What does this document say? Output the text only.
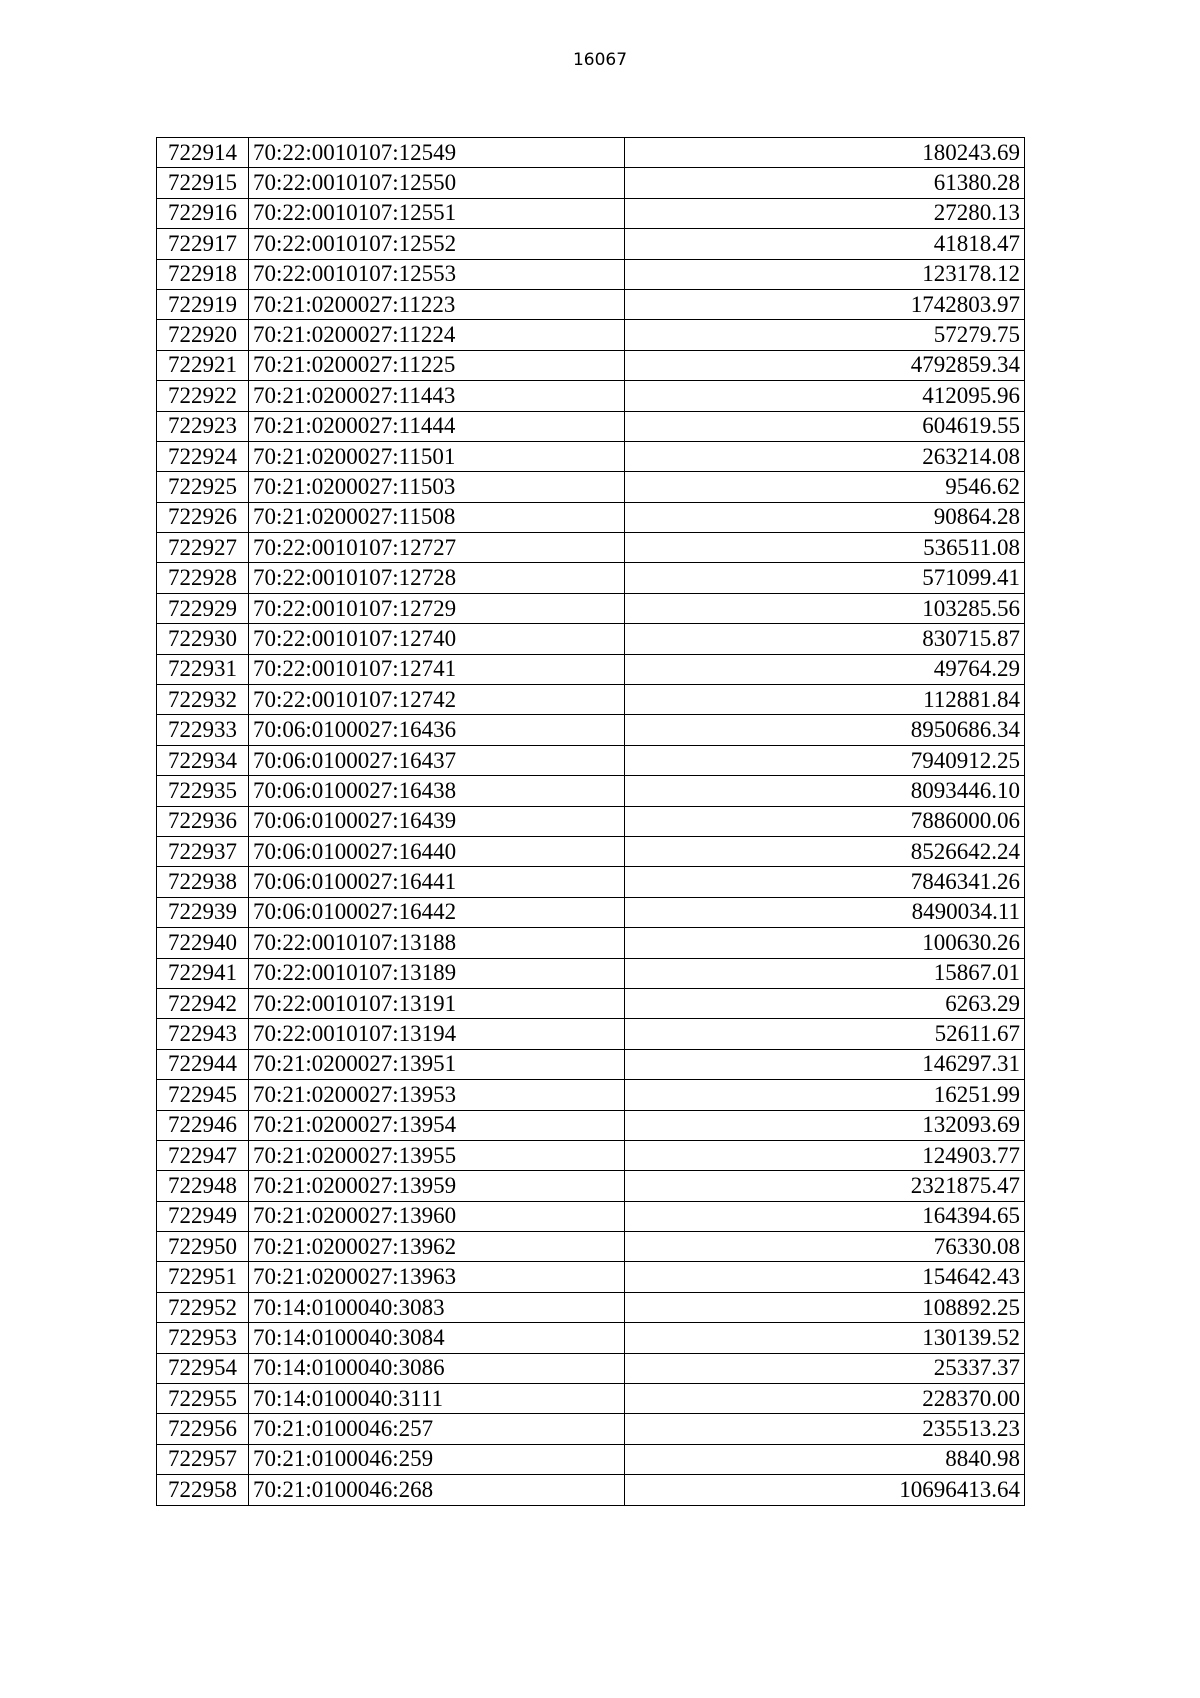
16067
722914	70:22:0010107:12549	180243.69
722915	70:22:0010107:12550	61380.28
722916	70:22:0010107:12551	27280.13
722917	70:22:0010107:12552	41818.47
722918	70:22:0010107:12553	123178.12
722919	70:21:0200027:11223	1742803.97
722920	70:21:0200027:11224	57279.75
722921	70:21:0200027:11225	4792859.34
722922	70:21:0200027:11443	412095.96
722923	70:21:0200027:11444	604619.55
722924	70:21:0200027:11501	263214.08
722925	70:21:0200027:11503	9546.62
722926	70:21:0200027:11508	90864.28
722927	70:22:0010107:12727	536511.08
722928	70:22:0010107:12728	571099.41
722929	70:22:0010107:12729	103285.56
722930	70:22:0010107:12740	830715.87
722931	70:22:0010107:12741	49764.29
722932	70:22:0010107:12742	112881.84
722933	70:06:0100027:16436	8950686.34
722934	70:06:0100027:16437	7940912.25
722935	70:06:0100027:16438	8093446.10
722936	70:06:0100027:16439	7886000.06
722937	70:06:0100027:16440	8526642.24
722938	70:06:0100027:16441	7846341.26
722939	70:06:0100027:16442	8490034.11
722940	70:22:0010107:13188	100630.26
722941	70:22:0010107:13189	15867.01
722942	70:22:0010107:13191	6263.29
722943	70:22:0010107:13194	52611.67
722944	70:21:0200027:13951	146297.31
722945	70:21:0200027:13953	16251.99
722946	70:21:0200027:13954	132093.69
722947	70:21:0200027:13955	124903.77
722948	70:21:0200027:13959	2321875.47
722949	70:21:0200027:13960	164394.65
722950	70:21:0200027:13962	76330.08
722951	70:21:0200027:13963	154642.43
722952	70:14:0100040:3083	108892.25
722953	70:14:0100040:3084	130139.52
722954	70:14:0100040:3086	25337.37
722955	70:14:0100040:3111	228370.00
722956	70:21:0100046:257	235513.23
722957	70:21:0100046:259	8840.98
722958	70:21:0100046:268	10696413.64
